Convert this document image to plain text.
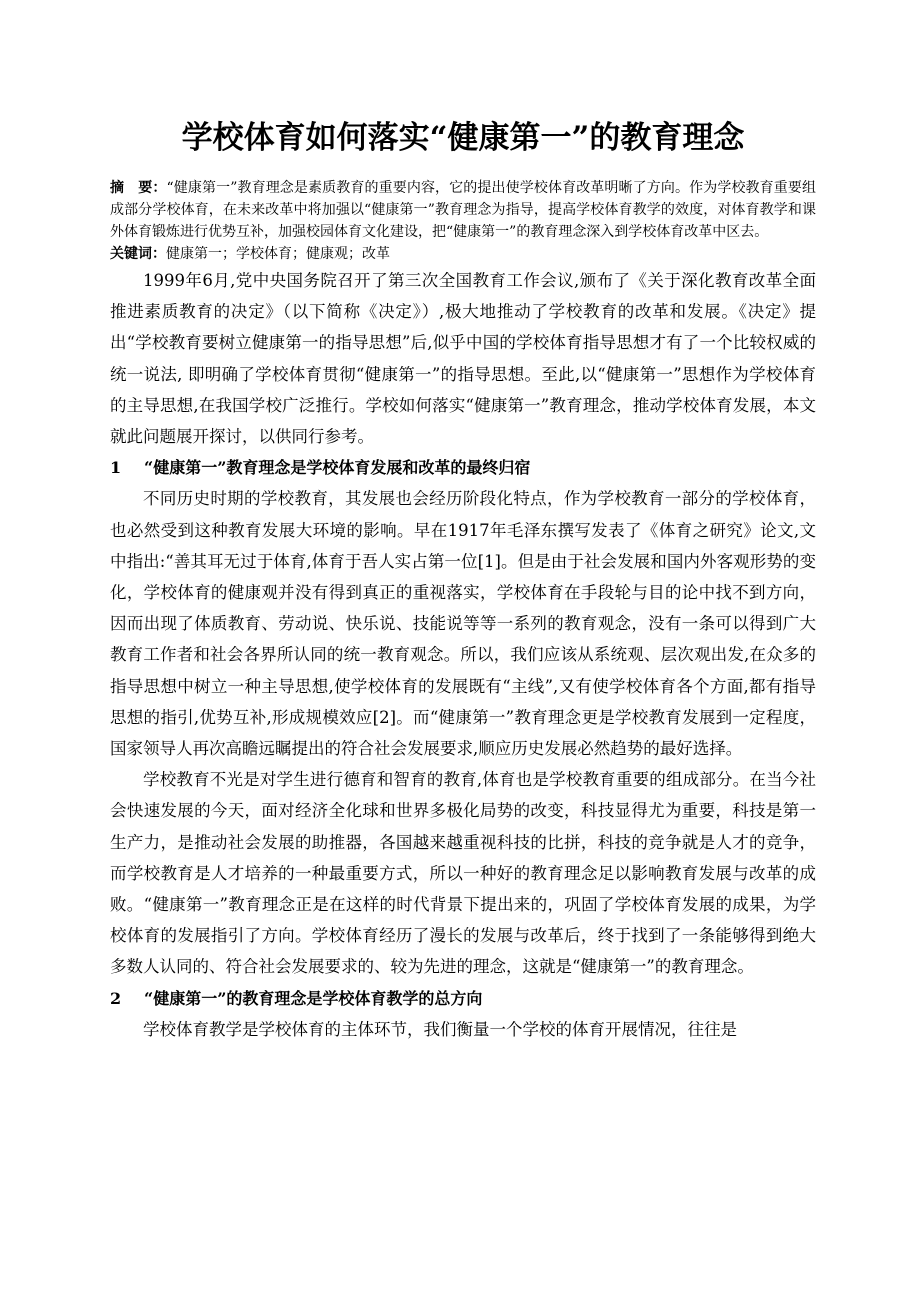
学校体育如何落实“健康第一”的教育理念
摘　要：“健康第一”教育理念是素质教育的重要内容，它的提出使学校体育改革明晰了方向。作为学校教育重要组成部分学校体育，在未来改革中将加强以“健康第一”教育理念为指导，提高学校体育教学的效度，对体育教学和课外体育锻炼进行优势互补，加强校园体育文化建设，把“健康第一”的教育理念深入到学校体育改革中区去。
关键词：健康第一；学校体育；健康观；改革

1999年6月,党中央国务院召开了第三次全国教育工作会议,颁布了《关于深化教育改革全面推进素质教育的决定》（以下简称《决定》）,极大地推动了学校教育的改革和发展。《决定》提出“学校教育要树立健康第一的指导思想”后,似乎中国的学校体育指导思想才有了一个比较权威的统一说法, 即明确了学校体育贯彻“健康第一”的指导思想。至此,以“健康第一”思想作为学校体育的主导思想,在我国学校广泛推行。学校如何落实“健康第一”教育理念，推动学校体育发展，本文就此问题展开探讨，以供同行参考。

1 “健康第一”教育理念是学校体育发展和改革的最终归宿

不同历史时期的学校教育，其发展也会经历阶段化特点，作为学校教育一部分的学校体育，也必然受到这种教育发展大环境的影响。早在1917年毛泽东撰写发表了《体育之研究》论文,文中指出:“善其耳无过于体育,体育于吾人实占第一位[1]。但是由于社会发展和国内外客观形势的变化，学校体育的健康观并没有得到真正的重视落实，学校体育在手段轮与目的论中找不到方向，因而出现了体质教育、劳动说、快乐说、技能说等等一系列的教育观念，没有一条可以得到广大教育工作者和社会各界所认同的统一教育观念。所以，我们应该从系统观、层次观出发,在众多的指导思想中树立一种主导思想,使学校体育的发展既有“主线”,又有使学校体育各个方面,都有指导思想的指引,优势互补,形成规模效应[2]。而“健康第一”教育理念更是学校教育发展到一定程度，国家领导人再次高瞻远瞩提出的符合社会发展要求,顺应历史发展必然趋势的最好选择。

学校教育不光是对学生进行德育和智育的教育,体育也是学校教育重要的组成部分。在当今社会快速发展的今天，面对经济全化球和世界多极化局势的改变，科技显得尤为重要，科技是第一生产力，是推动社会发展的助推器，各国越来越重视科技的比拼，科技的竞争就是人才的竞争，而学校教育是人才培养的一种最重要方式，所以一种好的教育理念足以影响教育发展与改革的成败。“健康第一”教育理念正是在这样的时代背景下提出来的，巩固了学校体育发展的成果，为学校体育的发展指引了方向。学校体育经历了漫长的发展与改革后，终于找到了一条能够得到绝大多数人认同的、符合社会发展要求的、较为先进的理念，这就是“健康第一”的教育理念。

2 “健康第一”的教育理念是学校体育教学的总方向

学校体育教学是学校体育的主体环节，我们衡量一个学校的体育开展情况，往往是
